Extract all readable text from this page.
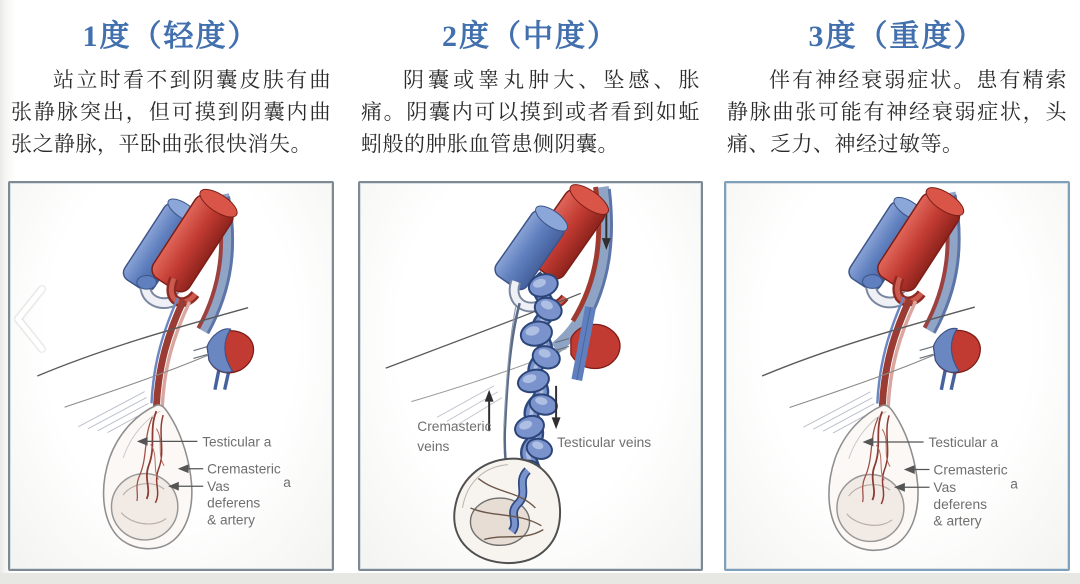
1度（轻度）

站立时看不到阴囊皮肤有曲张静脉突出，但可摸到阴囊内曲张之静脉，平卧曲张很快消失。

Testicular a
Cremasteric
a
Vas
deferens
& artery
2度（中度）

阴囊或睾丸肿大、坠感、胀痛。阴囊内可以摸到或者看到如蚯蚓般的肿胀血管患侧阴囊。

Cremasteric
veins	Testicular veins
3度（重度）

伴有神经衰弱症状。患有精索静脉曲张可能有神经衰弱症状，头痛、乏力、神经过敏等。

Testicular a
Cremasteric
a
Vas
deferens
& artery
